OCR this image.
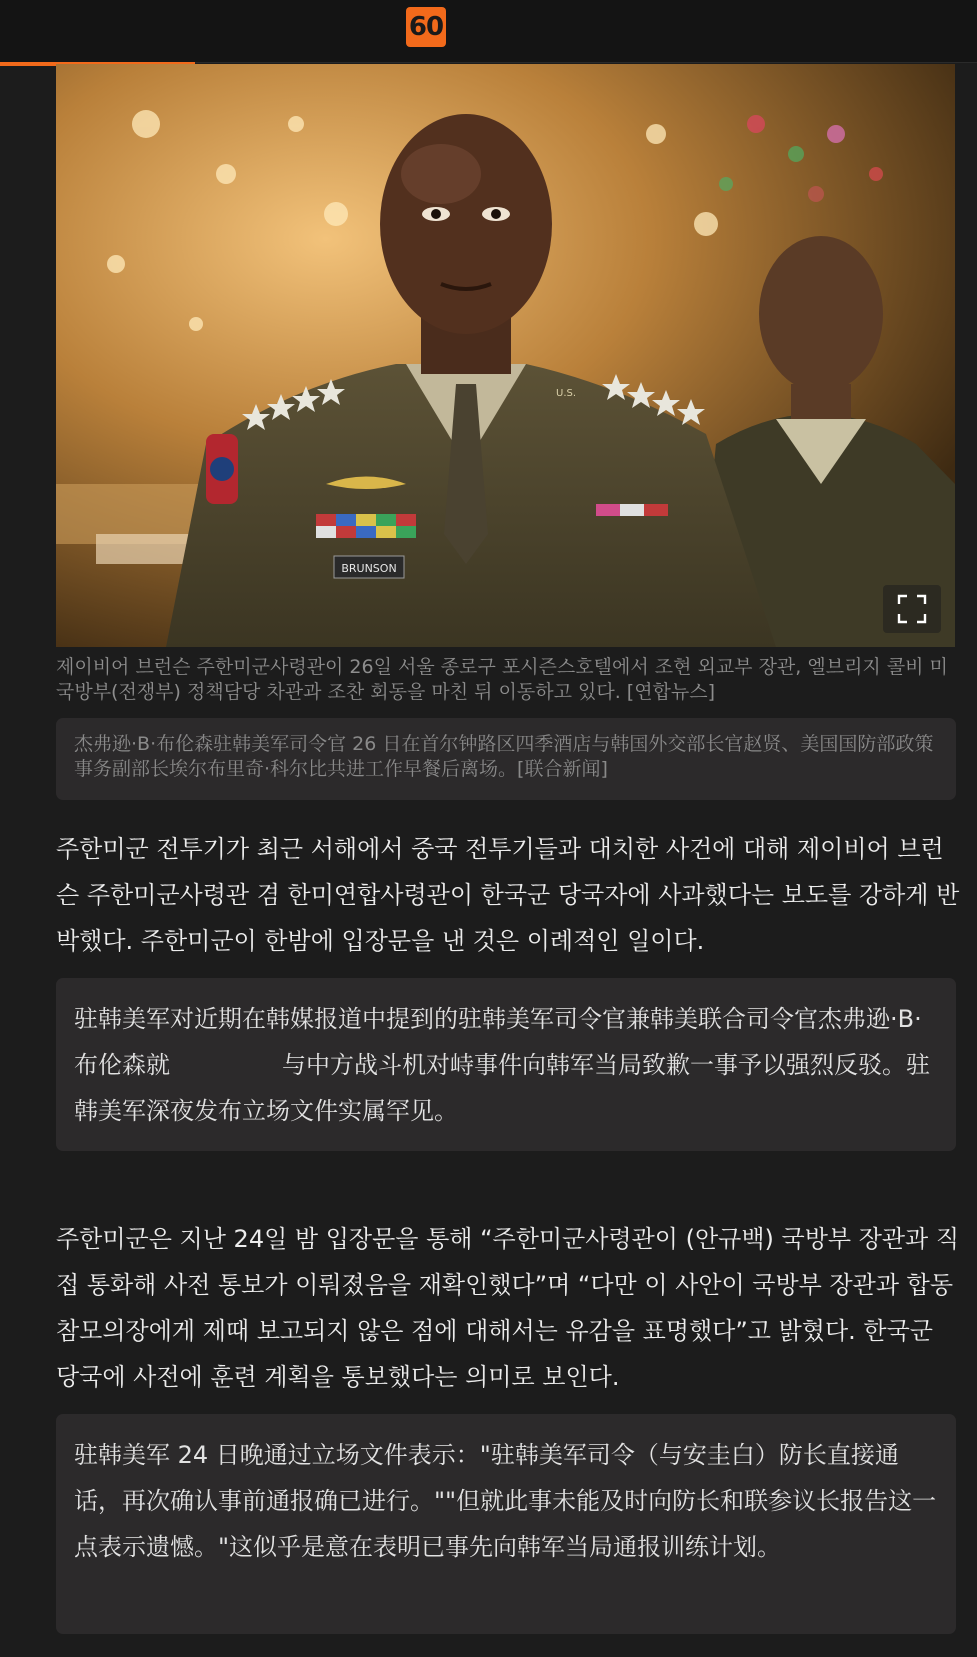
60
BRUNSON
U.S.
제이비어 브런슨 주한미군사령관이 26일 서울 종로구 포시즌스호텔에서 조현 외교부 장관, 엘브리지 콜비 미국방부(전쟁부) 정책담당 차관과 조찬 회동을 마친 뒤 이동하고 있다. [연합뉴스]
杰弗逊·B·布伦森驻韩美军司令官 26 日在首尔钟路区四季酒店与韩国外交部长官赵贤、美国国防部政策事务副部长埃尔布里奇·科尔比共进工作早餐后离场。[联合新闻]
주한미군 전투기가 최근 서해에서 중국 전투기들과 대치한 사건에 대해 제이비어 브런슨 주한미군사령관 겸 한미연합사령관이 한국군 당국자에 사과했다는 보도를 강하게 반박했다. 주한미군이 한밤에 입장문을 낸 것은 이례적인 일이다.
驻韩美军对近期在韩媒报道中提到的驻韩美军司令官兼韩美联合司令官杰弗逊·B·布伦森就	与中方战斗机对峙事件向韩军当局致歉一事予以强烈反驳。驻韩美军深夜发布立场文件实属罕见。
주한미군은 지난 24일 밤 입장문을 통해 “주한미군사령관이 (안규백) 국방부 장관과 직접 통화해 사전 통보가 이뤄졌음을 재확인했다”며 “다만 이 사안이 국방부 장관과 합동참모의장에게 제때 보고되지 않은 점에 대해서는 유감을 표명했다”고 밝혔다. 한국군 당국에 사전에 훈련 계획을 통보했다는 의미로 보인다.
驻韩美军 24 日晚通过立场文件表示："驻韩美军司令（与安圭白）防长直接通话，再次确认事前通报确已进行。""但就此事未能及时向防长和联参议长报告这一点表示遗憾。"这似乎是意在表明已事先向韩军当局通报训练计划。
